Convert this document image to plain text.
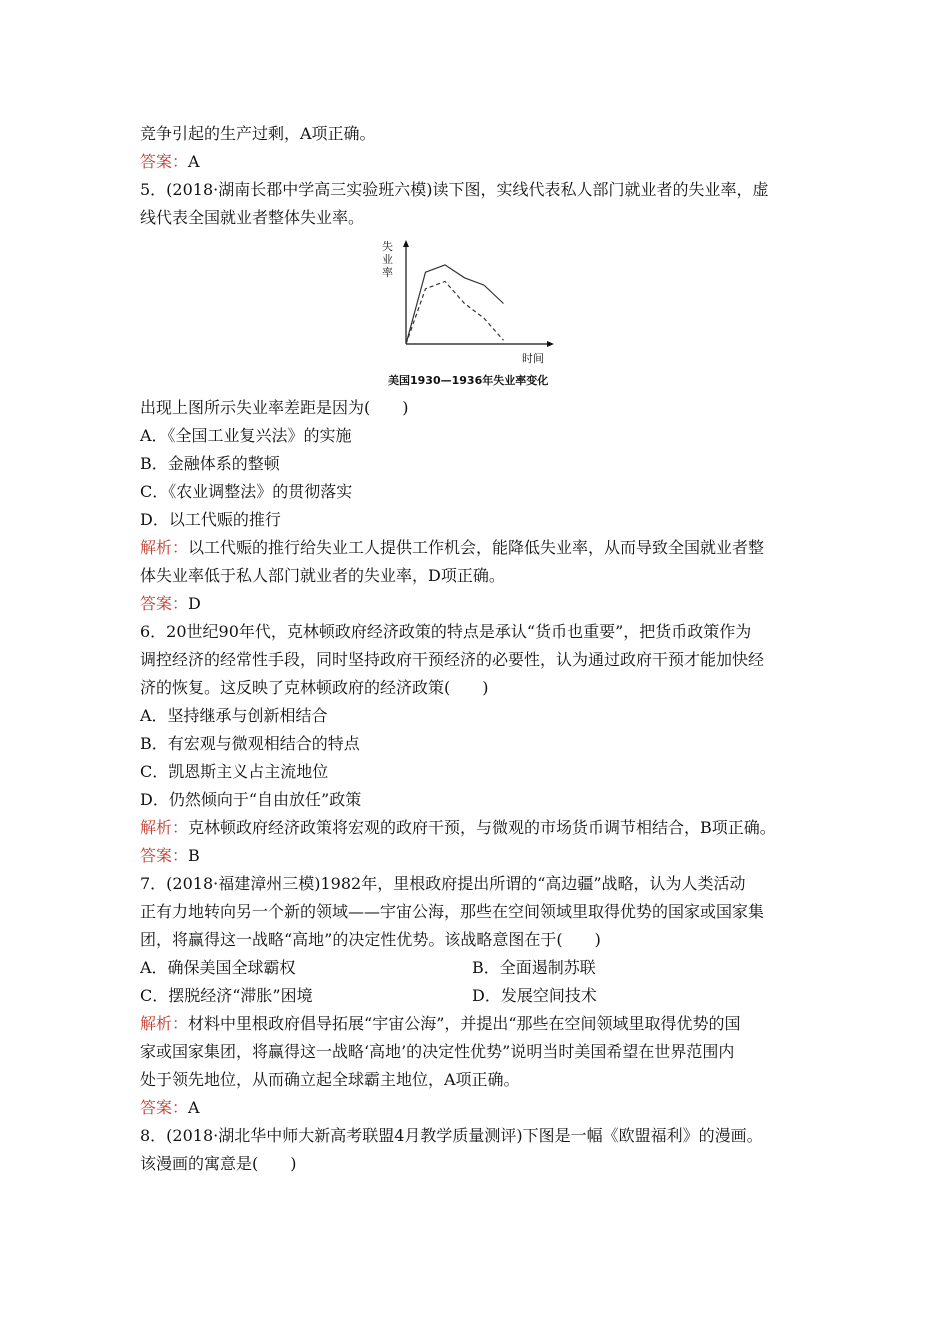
竞争引起的生产过剩，A项正确。
答案：A
5．(2018·湖南长郡中学高三实验班六模)读下图，实线代表私人部门就业者的失业率，虚
线代表全国就业者整体失业率。
失业率
时间
美国1930—1936年失业率变化
出现上图所示失业率差距是因为(　　)
A．《全国工业复兴法》的实施
B．金融体系的整顿
C．《农业调整法》的贯彻落实
D．以工代赈的推行
解析：以工代赈的推行给失业工人提供工作机会，能降低失业率，从而导致全国就业者整
体失业率低于私人部门就业者的失业率，D项正确。
答案：D
6．20世纪90年代，克林顿政府经济政策的特点是承认“货币也重要”，把货币政策作为
调控经济的经常性手段，同时坚持政府干预经济的必要性，认为通过政府干预才能加快经
济的恢复。这反映了克林顿政府的经济政策(　　)
A．坚持继承与创新相结合
B．有宏观与微观相结合的特点
C．凯恩斯主义占主流地位
D．仍然倾向于“自由放任”政策
解析：克林顿政府经济政策将宏观的政府干预，与微观的市场货币调节相结合，B项正确。
答案：B
7．(2018·福建漳州三模)1982年，里根政府提出所谓的“高边疆”战略，认为人类活动
正有力地转向另一个新的领域——宇宙公海，那些在空间领域里取得优势的国家或国家集
团，将赢得这一战略“高地”的决定性优势。该战略意图在于(　　)
A．确保美国全球霸权	B．全面遏制苏联
C．摆脱经济“滞胀”困境	D．发展空间技术
解析：材料中里根政府倡导拓展“宇宙公海”，并提出“那些在空间领域里取得优势的国
家或国家集团，将赢得这一战略‘高地’的决定性优势”说明当时美国希望在世界范围内
处于领先地位，从而确立起全球霸主地位，A项正确。
答案：A
8．(2018·湖北华中师大新高考联盟4月教学质量测评)下图是一幅《欧盟福利》的漫画。
该漫画的寓意是(　　)
